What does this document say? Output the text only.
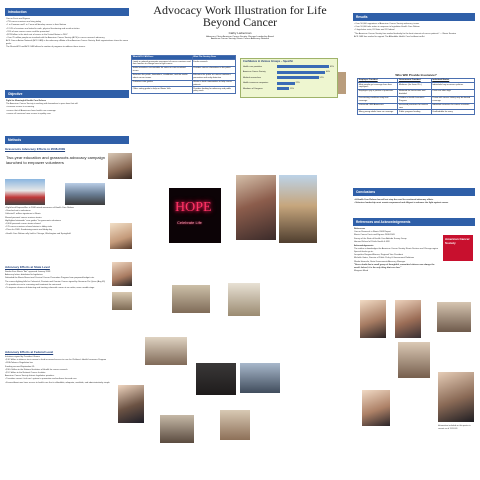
Advocacy Work Illustration for Life Beyond Cancer
Cathy Lieberman
Advocacy Chair, American Cancer Society Chicago Leadership Board
American Cancer Society, Illinois Cancer Advocacy Network
Introduction

Cancer Facts and Figures

• 759 cancer survivors are living today

• 1 in 8 women and 1 in 2 men will develop cancer in their lifetime

• 12.4% of survivors are limited in work, physical functioning and social activities

• 55% of new cancer cases could be prevented

• $219 billion is the total cost of cancer in the United States in 2007

• Over 25 million people are involved with the American Cancer Society (ACS) in cancer research advocacy

ACS Cancer Action Network (ACS CAN) is the advocacy affiliate of the American Cancer Society. Both organizations share the same goals.

The Illinois ACS and ACS CAN offered a number of programs to address these issues.

Objective

Fight for Meaningful Health Care Reform

The American Cancer Society is working with lawmakers to pass laws that will:

• increase access to screening

• ensure that all Americans have health care coverage

• assure all survivors have access to quality care

Methods
Grassroots Advocacy Efforts in 2008-2009
Two-year education and grassroots advocacy campaign launched to empower volunteers

• Fight back Express-Bus in 2008 raised awareness of Health Care Reform

• Reached out to volunteers

Collected 1 million signatures in Illinois

Shared personal cancer survivor stories

Highlighted statewide "care guides" for grassroots volunteers

• 8,400 personal cancer stories shared

• 125 cancer survivors shared stories in lobby visits

• Plans for 2009: Fundraising events and lobby day

• Health Care Reform rally held in Chicago, Washington and Springfield

Advocacy Efforts at State Level

Smoke-Free Illinois "Act" approved January 2008

Advocacy letters distributed to legislators

Defended the Illinois Breast and Cervical Cancer Prevention Program from proposed budget cuts

The cancer-fighting bills for Colorectal, Prostate and Ovarian Cancer signed by Governor Pat Quinn (Aug 09)

• To provide access to screening and treatment for uninsured

• To improve chances of detecting and treating colorectal cancer at an earlier, more curable stage

Advocacy Efforts at Federal Level

Initiatives signed by President Obama

• $ 42 billion in tobacco tax increase to fund increased access to care for Children's Health Insurance Program

• FDA Tobacco Regulation law

Funding secured September 09:

• $10.4 billion to the National Institutes of Health for cancer research

• $1.2 billion to the National Cancer Institute

American Cancer Society historic legislative priorities:

• Transition current 'sick care' system to preventive and wellness focused care

• Ensure Americans have access to health care that is affordable, adequate, available, and administratively simple

What ACS CAN Does	What The Society Does
Leads a national grassroots movement of cancer survivors and their families to change laws to fight cancer	Funds research
Holds lawmakers accountable for votes on cancer-related issues	Provides cancer information to the public
Educates the public, lawmakers, candidates, and the media about cancer issues	Educates the public on cancer treatment, prevention and early detection
Publishes vote guides	Works in local communities to help cancer patients
Offers voting guide to help on Illinois' bills	Provides funding for advocacy and public policy work
Confidence in Various Groups – Specific
Health care providers	65%
American Cancer Society	60%
Medical researchers	52%
Health insurance companies	22%
Members of Congress	15%
HOPE
Celebrate Life
Who Will Provide Insurance?
Employer Provided	Government Provided	Individual Market
Most people get coverage from their employers	Medicare (for those 65+)	Individuals buy insurance policies
Employers pay a portion of premiums	Medicaid for low-income and disabled	Costs are often high
Pre-existing conditions may limit coverage	Children's Health Insurance Program	Those with cancer history may be denied coverage
Uninsured: 46M Americans	Increased premiums for seniors care	Individual insurance for cancer survivors
Many young adults have no coverage	Public program funding	Unaffordable for many
Results

• Over 50,000 supporters of American Cancer Society advocacy issues

• Over 10,000 take action in response to legislative Health Care Reform

• 5 legislative visits, 81 State and 11 Federal

"The American Cancer Society has worked tirelessly for the best interests of cancer patients" — Illinois Senator

ACS CAN has worked to support The Affordable Health Care for America Act

Conclusions

• A Health Care Reform law will not stop the need for continued advocacy efforts

• Volunteer leadership must remain empowered and diligent to advance the fight against cancer

References and Acknowledgements

References

Cancer Research in Illinois 2008 Report

Illinois Cancer Facts and Figures 2008-2009

Survey of the State of Health Care Attitude Survey Group

Harvard School of Public Health & KFF

Acknowledgements

The author acknowledges the American Cancer Society Illinois Division and Chicago region

Special thanks go to:

Jacqueline Burgaud-Barnes, Regional Vice President

Michelle Gates, Director of Public Policy & Government Relations

Rhoda Hermelin, State Government Advocacy Manager

"Never doubt that a small group of thoughtful, committed citizens can change the world. Indeed, it is the only thing that ever has."

Margaret Mead

American Cancer Society
Information included on this poster is current as of 11.18.09
